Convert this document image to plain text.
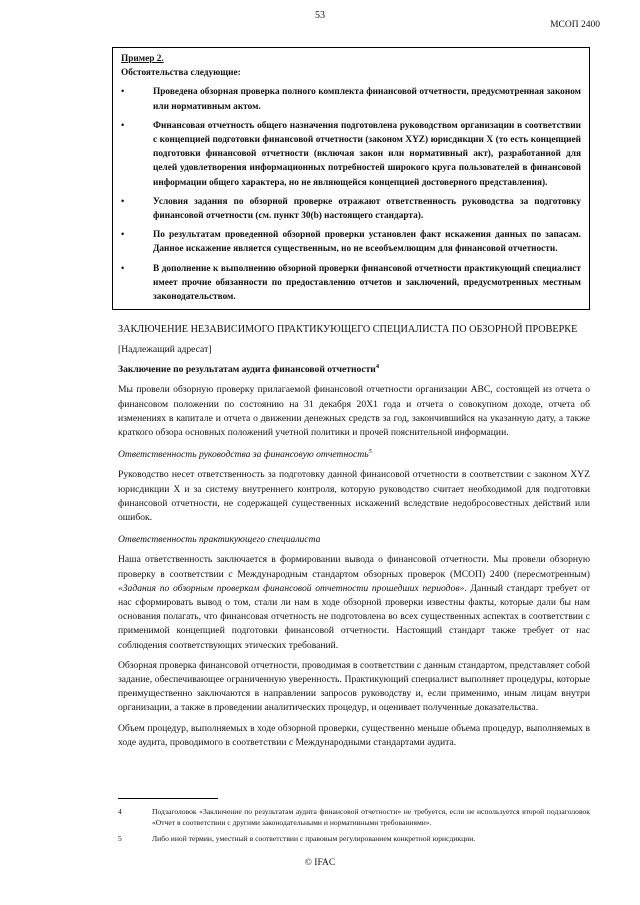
53
МСОП 2400
Пример 2.
Обстоятельства следующие:
•	Проведена обзорная проверка полного комплекта финансовой отчетности, предусмотренная законом или нормативным актом.
•	Финансовая отчетность общего назначения подготовлена руководством организации в соответствии с концепцией подготовки финансовой отчетности (законом XYZ) юрисдикции X (то есть концепцией подготовки финансовой отчетности (включая закон или нормативный акт), разработанной для целей удовлетворения информационных потребностей широкого круга пользователей в финансовой информации общего характера, но не являющейся концепцией достоверного представления).
•	Условия задания по обзорной проверке отражают ответственность руководства за подготовку финансовой отчетности (см. пункт 30(b) настоящего стандарта).
•	По результатам проведенной обзорной проверки установлен факт искажения данных по запасам. Данное искажение является существенным, но не всеобъемлющим для финансовой отчетности.
•	В дополнение к выполнению обзорной проверки финансовой отчетности практикующий специалист имеет прочие обязанности по предоставлению отчетов и заключений, предусмотренных местным законодательством.
ЗАКЛЮЧЕНИЕ НЕЗАВИСИМОГО ПРАКТИКУЮЩЕГО СПЕЦИАЛИСТА ПО ОБЗОРНОЙ ПРОВЕРКЕ
[Надлежащий адресат]
Заключение по результатам аудита финансовой отчетности$^4$
Мы провели обзорную проверку прилагаемой финансовой отчетности организации ABC, состоящей из отчета о финансовом положении по состоянию на 31 декабря 20X1 года и отчета о совокупном доходе, отчета об изменениях в капитале и отчета о движении денежных средств за год, закончившийся на указанную дату, а также краткого обзора основных положений учетной политики и прочей пояснительной информации.
Ответственность руководства за финансовую отчетность$^5$
Руководство несет ответственность за подготовку данной финансовой отчетности в соответствии с законом XYZ юрисдикции X и за систему внутреннего контроля, которую руководство считает необходимой для подготовки финансовой отчетности, не содержащей существенных искажений вследствие недобросовестных действий или ошибок.
Ответственность практикующего специалиста
Наша ответственность заключается в формировании вывода о финансовой отчетности. Мы провели обзорную проверку в соответствии с Международным стандартом обзорных проверок (МСОП) 2400 (пересмотренным) «Задания по обзорным проверкам финансовой отчетности прошедших периодов». Данный стандарт требует от нас сформировать вывод о том, стали ли нам в ходе обзорной проверки известны факты, которые дали бы нам основания полагать, что финансовая отчетность не подготовлена во всех существенных аспектах в соответствии с применимой концепцией подготовки финансовой отчетности. Настоящий стандарт также требует от нас соблюдения соответствующих этических требований.
Обзорная проверка финансовой отчетности, проводимая в соответствии с данным стандартом, представляет собой задание, обеспечивающее ограниченную уверенность. Практикующий специалист выполняет процедуры, которые преимущественно заключаются в направлении запросов руководству и, если применимо, иным лицам внутри организации, а также в проведении аналитических процедур, и оценивает полученные доказательства.
Объем процедур, выполняемых в ходе обзорной проверки, существенно меньше объема процедур, выполняемых в ходе аудита, проводимого в соответствии с Международными стандартами аудита.
4	Подзаголовок «Заключение по результатам аудита финансовой отчетности» не требуется, если не используется второй подзаголовок «Отчет в соответствии с другими законодательными и нормативными требованиями».
5	Либо иной термин, уместный в соответствии с правовым регулированием конкретной юрисдикции.
© IFAC
